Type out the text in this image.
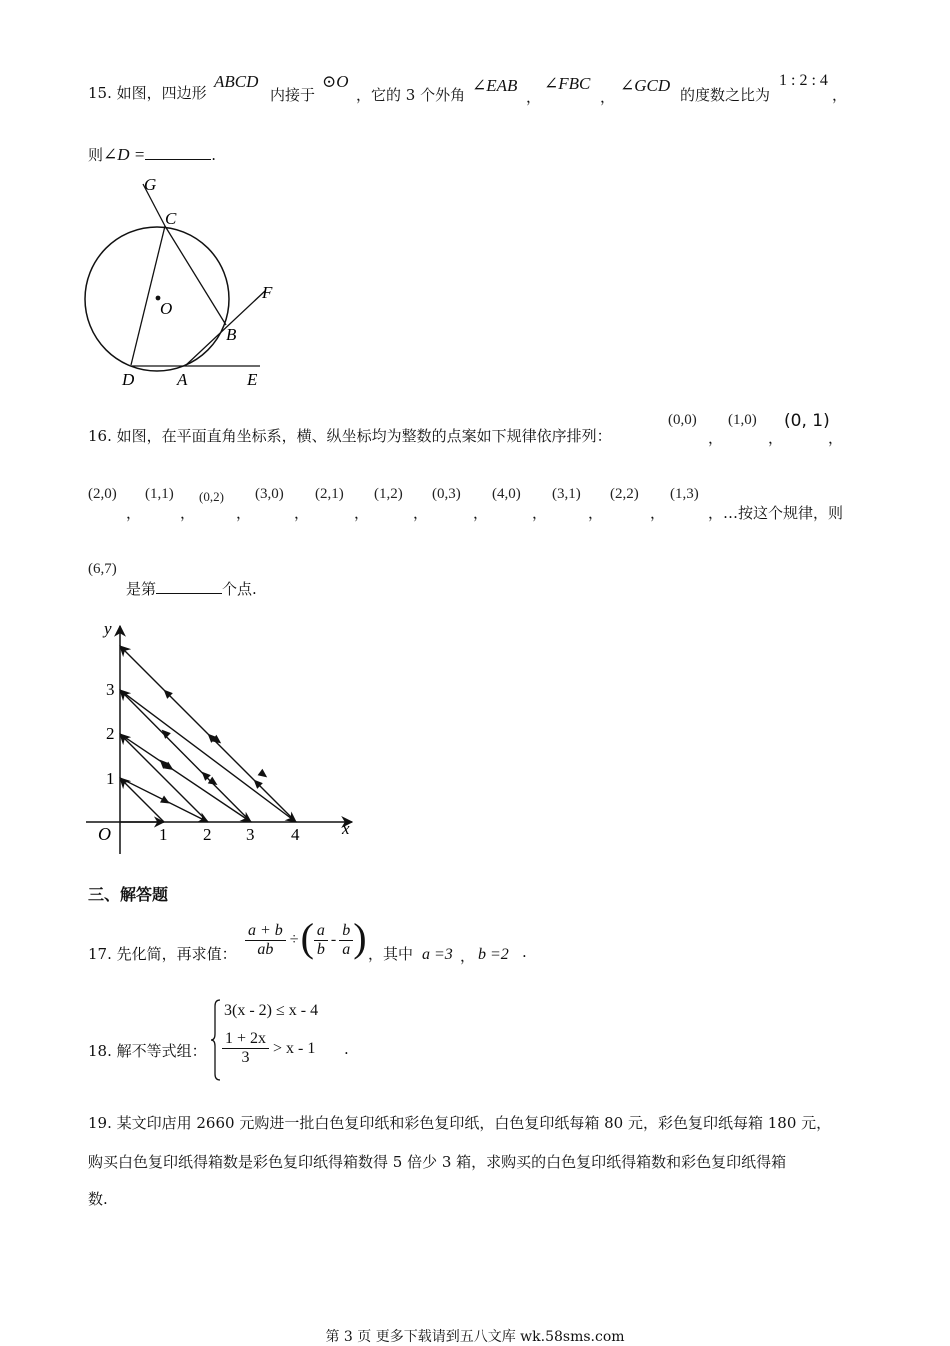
15. 如图，四边形
ABCD
内接于
⊙O
，它的 3 个外角 ∠EAB
，
∠FBC
，
∠GCD 的度数之比为
1 : 2 : 4
，
则∠D =	.
G
C
O
F
B
D	A	E
16. 如图，在平面直角坐标系，横、纵坐标均为整数的点案如下规律依序排列：
(0,0)
，
(1,0)
，
(0, 1)
，
(2,0)
，
(1,1)
，
(0,2)
，
(3,0)
，
(2,1)
，
(1,2)
，
(0,3)
，
(4,0)
，
(3,1)
，
(2,2)
，
(1,3)
，…按这个规律，则
(6,7)
是第	个点.
y
x
O	1 2 3 4
1
2
3
三、解答题
17. 先化简，再求值： $\frac{a + b}{ab}$ ÷ ( $\frac{a}{b} - \frac{b}{a}$ ) ，其中 a =3 ， b =2 .
18. 解不等式组：
3(x - 2) ≤ x - 4
$\frac{1 + 2x}{3} > x - 1$ .
19. 某文印店用 2660 元购进一批白色复印纸和彩色复印纸，白色复印纸每箱 80 元，彩色复印纸每箱 180 元，
购买白色复印纸得箱数是彩色复印纸得箱数得 5 倍少 3 箱，求购买的白色复印纸得箱数和彩色复印纸得箱
数.
第 3 页 更多下载请到五八文库 wk.58sms.com
